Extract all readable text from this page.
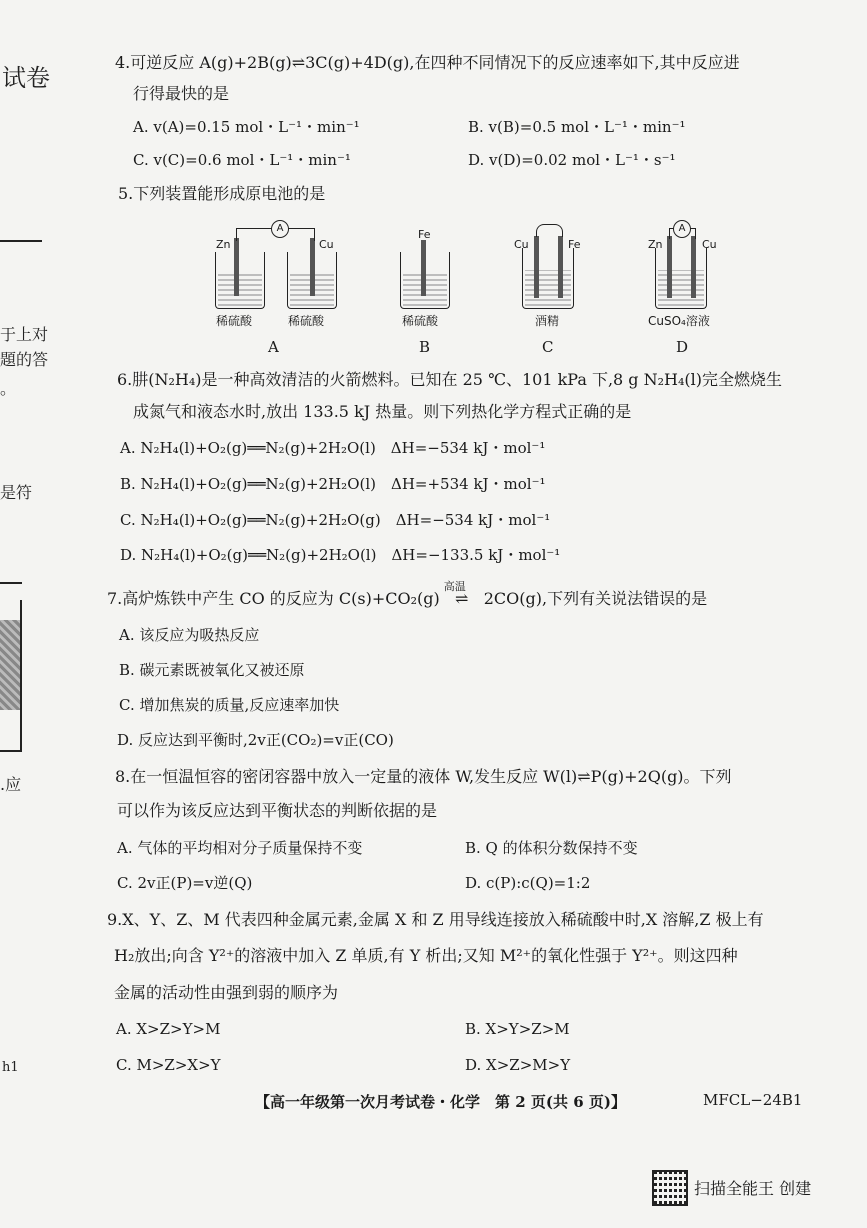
试卷
于上对
題的答
。
是符
.应
h1
4.可逆反应 A(g)+2B(g)⇌3C(g)+4D(g),在四种不同情况下的反应速率如下,其中反应进
行得最快的是
A. v(A)=0.15 mol・L⁻¹・min⁻¹	B. v(B)=0.5 mol・L⁻¹・min⁻¹
C. v(C)=0.6 mol・L⁻¹・min⁻¹	D. v(D)=0.02 mol・L⁻¹・s⁻¹
5.下列装置能形成原电池的是
A
Zn	Cu
稀硫酸	稀硫酸
A
Fe
稀硫酸
B
Cu	Fe
酒精
C
A
Zn	Cu
CuSO₄溶液
D
6.肼(N₂H₄)是一种高效清洁的火箭燃料。已知在 25 ℃、101 kPa 下,8 g N₂H₄(l)完全燃烧生
成氮气和液态水时,放出 133.5 kJ 热量。则下列热化学方程式正确的是
A. N₂H₄(l)+O₂(g)══N₂(g)+2H₂O(l)　ΔH=−534 kJ・mol⁻¹
B. N₂H₄(l)+O₂(g)══N₂(g)+2H₂O(l)　ΔH=+534 kJ・mol⁻¹
C. N₂H₄(l)+O₂(g)══N₂(g)+2H₂O(g)　ΔH=−534 kJ・mol⁻¹
D. N₂H₄(l)+O₂(g)══N₂(g)+2H₂O(l)　ΔH=−133.5 kJ・mol⁻¹
7.高炉炼铁中产生 CO 的反应为 C(s)+CO₂(g)
高温
⇌ 2CO(g),下列有关说法错误的是
A. 该反应为吸热反应
B. 碳元素既被氧化又被还原
C. 增加焦炭的质量,反应速率加快
D. 反应达到平衡时,2v正(CO₂)=v正(CO)
8.在一恒温恒容的密闭容器中放入一定量的液体 W,发生反应 W(l)⇌P(g)+2Q(g)。下列
可以作为该反应达到平衡状态的判断依据的是
A. 气体的平均相对分子质量保持不变	B. Q 的体积分数保持不变
C. 2v正(P)=v逆(Q)	D. c(P):c(Q)=1:2
9.X、Y、Z、M 代表四种金属元素,金属 X 和 Z 用导线连接放入稀硫酸中时,X 溶解,Z 极上有
H₂放出;向含 Y²⁺的溶液中加入 Z 单质,有 Y 析出;又知 M²⁺的氧化性强于 Y²⁺。则这四种
金属的活动性由强到弱的顺序为
A. X>Z>Y>M	B. X>Y>Z>M
C. M>Z>X>Y	D. X>Z>M>Y
【高一年级第一次月考试卷・化学　第 2 页(共 6 页)】	MFCL−24B1
扫描全能王 创建
